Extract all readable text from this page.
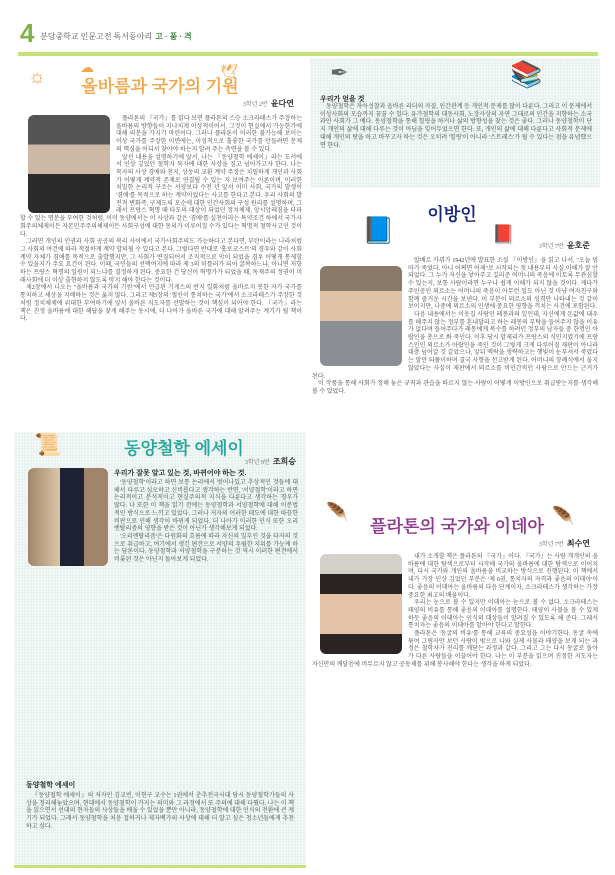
4 분당중학교 인문고전 독서동아리 고·품·격
☼ ☁	🕊
올바름과 국가의 기원
3학년 2반 윤다연

플라톤의 『국가』를 읽다 보면 플라톤의 스승 소크라테스가 주장하는 올바름의 방향들이 지나치게 이상적이어서, 그것이 현실에서 가능한가에 대해 의문을 가지기 마련이다. 그러나 플라톤이 이러한 불가능해 보이는 이상 국가를 주장한 이면에는, 이성적으로 훌륭한 국가를 만들려면 문제의 핵심을 어디서 찾아야 하는지 알려 주는 측면을 볼 수 있다.

앞선 내용을 설명하기에 앞서, 나는 『동양철학 에세이』라는 도서에서 인상 깊었던 철학자 묵자에 대한 사상을 짚고 넘어가고자 한다. 나는 묵자의 사상 경애와 천지, 상동의 교환 계약 주장은 치밀하게 개인과 사회가 어떻게 계약적 존재로 연결될 수 있는 지 보여주는 이론이며, 이러한 치밀한 논리적 구조는 서양보다 수천 년 앞서 이미 사회, 국가의 발생이 '겸애'를 목적으로 하는 계약이었다는 사고를 한다고 본다. 우리 사회의 발전적 변화즉, 구제도의 모순에 대한 인간사회의 구성 원리를 설명하며, 그래서 프랑스 혁명 때 타도의 대상이 되었던 정치체제, 앙시앙레짐을 타파할 수 있는 명분을 부여한 것처럼, 이미 동양에서는 이 사상과 같은 '겸애'를 실천이라는 특약조건 하에서 국가사회주의체제이든 자본민주주의체제이든 사회구성에 대한 동의가 이루어질 수가 있다는 혁명적 철학사고인 것이다.

그러면 개인의 인권과 사회 공공의 복리 사이에서 국가사회주의도 가능하다고 본다면, 부탄이라는 나라처럼 그 사회의 여건에 따라 적절하게 계약 합의될 수 있다고 본다. 그렇다면 반대로 '홀로코스트'의 경우와 같이 사회계약 자체가 겸애를 목적으로 출발했지만, 그 사회가 변질되어서 조직적으로 악이 되었을 경우 어떻게 통제할 수 있을지가 주요 요건이 된다. 이때, 국민들의 선택여지에 따라 제 3의 히틀러가 되어 굴복하느냐, 아니면 저항하는 프랑스 혁명의 일원이 되느냐를 결정하게 된다. 중요한 건 당신이 혁명가가 되었을 때, 독재주의 정권이 미래사회에 더 이상 출현하지 않도록 막지 해야 한다는 것이다.

제2장에서 나오는 "올바름과 국가의 기원"에서 언급된 기게스의 반지 일화처럼 올바르지 못한 자가 국가를 통치하고 세상을 지배하는 것은 옳지 않다. 그리고 제5장의 '철인이 통치하는 국가'에서 소크라테스가 주장한 것처럼 정치체제에 위대한 부여하기에 앞서 올바른 지도자를 선발하는 것이 핵심이 되어야 한다. 『국가』라는 책은 진정 올바름에 대한 해답을 찾게 해주는 동시에, 더 나아가 올바른 국가에 대해 알려주는 계기가 될 책이다.

📜	동양철학 에세이
3학년 9반 조희승
우리가 잘못 알고 있는 것, 바뀌어야 하는 것.

'동양철학'이라고 하면 보통 논리에서 벗어나있고 추상적인 것들에 대해서 다루고 심오하고 신비롭다고 생각하는 반면, '서양철학'이라고 하면 논리적이고 분석적이고 현실주의적 지식을 다룬다고 생각하는 경우가 많다. 나 또한 이 책을 읽기 전에는 동양철학과 서양철학에 대해 이분법적인 방식으로 느끼고 있었다. 그러나 저자의 이러한 태도에 대한 따끔한 비판으로 인해 생각이 바뀌게 되었다. 더 나아가 이러한 인식 또한 오리엔탈리즘의 영향을 받은 것이 아닌가 생각해보게 되었다.

'오리엔탈리즘'은 다원화의 흐름에 따라 자신의 일부인 것을 타자의 것으로 취급하고, 여기에서 생긴 편견으로 서양의 우월한 지위를 가능케 하는 담론이다. 동양철학과 서양철학을 구분하는 것 역시 이러한 편견에서 비롯된 것은 아닌지 돌아보게 되었다.

동양철학 에세이

『동양철학 에세이』의 저자인 김교빈, 이현구 교수는 1권에서 춘추전국시대 당시 동양철학가들의 사상을 정리해놓았으며, 현대에서 동양철학이 가지는 의미와 그 과정에서 또 주의에 대해 다뤘다. 나는 이 책을 읽으면서 선대의 현자들의 사상들을 배울 수 있었을 뿐만 아니라, 동양철학에 대한 인식의 전환에 큰 계기가 되었다. 그래서 동양철학을 처음 접하거나 제자백가의 사상에 대해 더 알고 싶은 청소년들에게 추천하고 싶다.

✒	📚
우리가 얻을 것

동양철학은 자아성찰과 올바른 리더의 자질, 인간관계 등 개인적 문제를 많이 다룬다. 그리고 이 문제에서 이상사회의 모습까지 꿈꿀 수 있다. 유가철학의 대동사회, 노장사상의 자연 그대로의 인간을 지향하는 소국과민 사회가 그 예다. 동양철학을 통해 힐링을 하거나 삶의 방향성을 찾는 것은 좋다. 그러나 동양철학이 단지 개인의 삶에 대해 다루는 것이 아님을 잊어두었으면 한다. 또, 개인의 삶에 대해 다룬다고 사회적 문제에 대해 개인의 탓을 하고 바꾸고자 하는 것은 오히려 '힐링'이 아니라 '스트레스'가 될 수 있다는 점을 유념했으면 한다.

이방인
📘	📕
3학년 7반 윤호준

알베르 카뮈가 1942년에 발표한 소설 『이방인』을 읽고 나서, "오늘 엄마가 죽었다. 아니 어쩌면 어제"로 시작되는 첫 내용부터 사실 이해가 잘 안 되었다. 그 누가 자신을 낳아주고 길러준 어머니의 죽음에 이토록 무관심할 수 있는지, 보통 사람이라면 누구나 쉽게 이해가 되지 않을 것이다. 게다가 주인공인 뫼르소는 어머니의 죽음이 아무런 일도 아닌 것 마냥 여자친구와 함께 즐거운 시간을 보낸다. 이 부분이 뫼르소의 성격만 나타내는 것 같이 보이지만, 나중에 뫼르소의 인생에 중요한 영향을 끼치는 사건에 포함된다.

다음 내용에서는 이웃집 사람인 레몽과의 일인데, 자신에게 돈값에 대우를 해주지 않는 정부를 혼내달라고 하는 레몽의 부탁을 들어주지 않을 이유가 없다며 들어주다가 레몽에게 복수를 하려던 정부의 남자들 중 한명인 아랍인을 총으로 쏴 죽인다. 이후 당시 알제리가 프랑스의 식민지였기에 프랑스인인 뫼르소가 아랍인을 죽인 것이 그렇게 크게 다루어질 재판이 아니라 대충 넘어갈 것 같았으나, 앞뒤 맥락을 생략하고는 햇빛이 눈부셔서 죽였다는 말만 되풀이하며 결국 사형을 선고받게 된다. 어머니의 장례식에서 울지 않았다는 사실이 재판에서 뫼르소를 비인간적인 사람으로 만드는 근거가 된다.

이 작품을 통해 사회가 정해 놓은 규칙과 관습을 따르지 않는 사람이 어떻게 이방인으로 취급받는지를 생각해 볼 수 있었다.

🪶	🪶
플라톤의 국가와 이데아
3학년 7반 최수연

내가 소개할 책은 플라톤의 『국가』이다. 『국가』는 사람 개개인의 올바름에 대한 탐색으로부터 시작해 국가의 올바름에 대한 탐색으로 이어지며, 다시 국가와 개인의 올바름을 비교하는 방식으로 진행된다. 이 책에서 내가 가장 인상 깊었던 부분은 '제 6권, 통치자의 자격과 좋음의 이데아'이다. 좋음의 이데아는 올바름의 다음 단계이자, 소크라테스가 생각하는 가장 중요한 최고의 배움이다.

우리는 눈으로 볼 수 있지만 이데아는 눈으로 볼 수 없다. 소크라테스는 태양의 비유를 통해 좋음의 이데아를 설명한다. 태양이 사물을 볼 수 있게 하듯 좋음의 이데아는 인식의 대상들이 알려질 수 있도록 해 준다. 그래서 통치자는 좋음의 이데아를 알아야 한다고 말한다.

플라톤은 '동굴의 비유'를 통해 교육의 중요성을 이야기한다. 동굴 속에 묶여 그림자만 보던 사람이 밖으로 나와 실제 사물과 태양을 보게 되는 과정은 철학자가 진리를 깨닫는 과정과 같다. 그리고 그는 다시 동굴로 돌아가 다른 사람들을 이끌어야 한다. 나는 이 부분을 읽으며 진정한 지도자는 자신만의 깨달음에 머무르지 않고 공동체를 위해 봉사해야 한다는 생각을 하게 되었다.
